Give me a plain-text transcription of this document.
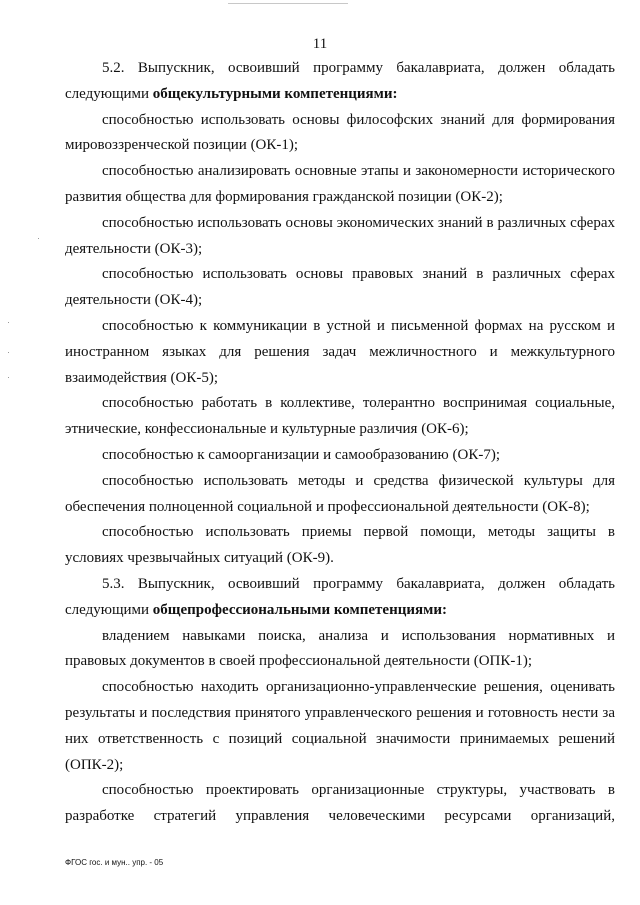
11

5.2. Выпускник, освоивший программу бакалавриата, должен обладать следующими общекультурными компетенциями:

способностью использовать основы философских знаний для формирования мировоззренческой позиции (ОК-1);

способностью анализировать основные этапы и закономерности исторического развития общества для формирования гражданской позиции (ОК-2);

способностью использовать основы экономических знаний в различных сферах деятельности (ОК-3);

способностью использовать основы правовых знаний в различных сферах деятельности (ОК-4);

способностью к коммуникации в устной и письменной формах на русском и иностранном языках для решения задач межличностного и межкультурного взаимодействия (ОК-5);

способностью работать в коллективе, толерантно воспринимая социальные, этнические, конфессиональные и культурные различия (ОК-6);

способностью к самоорганизации и самообразованию (ОК-7);

способностью использовать методы и средства физической культуры для обеспечения полноценной социальной и профессиональной деятельности (ОК-8);

способностью использовать приемы первой помощи, методы защиты в условиях чрезвычайных ситуаций (ОК-9).

5.3. Выпускник, освоивший программу бакалавриата, должен обладать следующими общепрофессиональными компетенциями:

владением навыками поиска, анализа и использования нормативных и правовых документов в своей профессиональной деятельности (ОПК-1);

способностью находить организационно-управленческие решения, оценивать результаты и последствия принятого управленческого решения и готовность нести за них ответственность с позиций социальной значимости принимаемых решений (ОПК-2);

способностью проектировать организационные структуры, участвовать в разработке стратегий управления человеческими ресурсами организаций,

ФГОС гос. и мун.. упр. - 05
